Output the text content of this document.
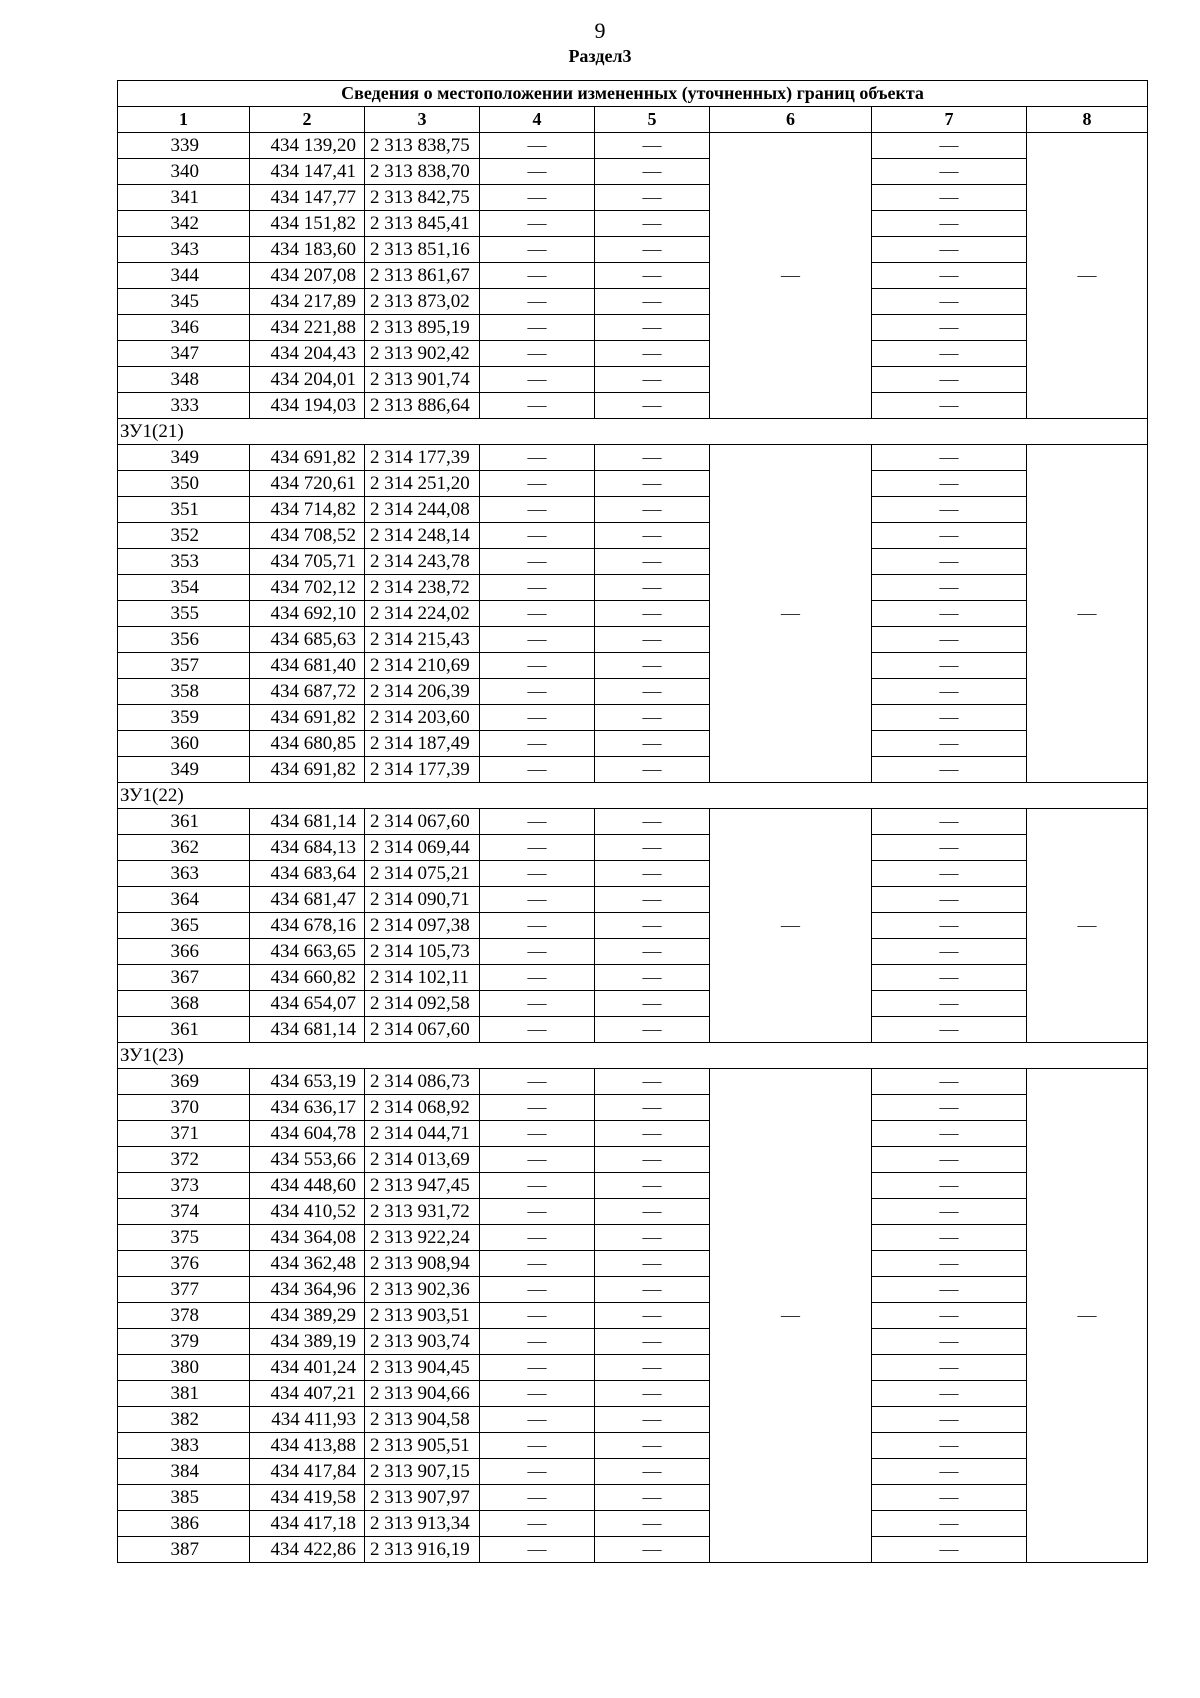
9
Раздел3
Сведения о местоположении измененных (уточненных) границ объекта							
1	2	3	4	5	6	7	8
339	434 139,20	2 313 838,75	—	—	—	—	—
340	434 147,41	2 313 838,70	—	—		—	
341	434 147,77	2 313 842,75	—	—		—	
342	434 151,82	2 313 845,41	—	—		—	
343	434 183,60	2 313 851,16	—	—		—	
344	434 207,08	2 313 861,67	—	—		—	
345	434 217,89	2 313 873,02	—	—		—	
346	434 221,88	2 313 895,19	—	—		—	
347	434 204,43	2 313 902,42	—	—		—	
348	434 204,01	2 313 901,74	—	—		—	
333	434 194,03	2 313 886,64	—	—		—	
ЗУ1(21)							
349	434 691,82	2 314 177,39	—	—	—	—	—
350	434 720,61	2 314 251,20	—	—		—	
351	434 714,82	2 314 244,08	—	—		—	
352	434 708,52	2 314 248,14	—	—		—	
353	434 705,71	2 314 243,78	—	—		—	
354	434 702,12	2 314 238,72	—	—		—	
355	434 692,10	2 314 224,02	—	—		—	
356	434 685,63	2 314 215,43	—	—		—	
357	434 681,40	2 314 210,69	—	—		—	
358	434 687,72	2 314 206,39	—	—		—	
359	434 691,82	2 314 203,60	—	—		—	
360	434 680,85	2 314 187,49	—	—		—	
349	434 691,82	2 314 177,39	—	—		—	
ЗУ1(22)							
361	434 681,14	2 314 067,60	—	—	—	—	—
362	434 684,13	2 314 069,44	—	—		—	
363	434 683,64	2 314 075,21	—	—		—	
364	434 681,47	2 314 090,71	—	—		—	
365	434 678,16	2 314 097,38	—	—		—	
366	434 663,65	2 314 105,73	—	—		—	
367	434 660,82	2 314 102,11	—	—		—	
368	434 654,07	2 314 092,58	—	—		—	
361	434 681,14	2 314 067,60	—	—		—	
ЗУ1(23)							
369	434 653,19	2 314 086,73	—	—	—	—	—
370	434 636,17	2 314 068,92	—	—		—	
371	434 604,78	2 314 044,71	—	—		—	
372	434 553,66	2 314 013,69	—	—		—	
373	434 448,60	2 313 947,45	—	—		—	
374	434 410,52	2 313 931,72	—	—		—	
375	434 364,08	2 313 922,24	—	—		—	
376	434 362,48	2 313 908,94	—	—		—	
377	434 364,96	2 313 902,36	—	—		—	
378	434 389,29	2 313 903,51	—	—		—	
379	434 389,19	2 313 903,74	—	—		—	
380	434 401,24	2 313 904,45	—	—		—	
381	434 407,21	2 313 904,66	—	—		—	
382	434 411,93	2 313 904,58	—	—		—	
383	434 413,88	2 313 905,51	—	—		—	
384	434 417,84	2 313 907,15	—	—		—	
385	434 419,58	2 313 907,97	—	—		—	
386	434 417,18	2 313 913,34	—	—		—	
387	434 422,86	2 313 916,19	—	—		—	
